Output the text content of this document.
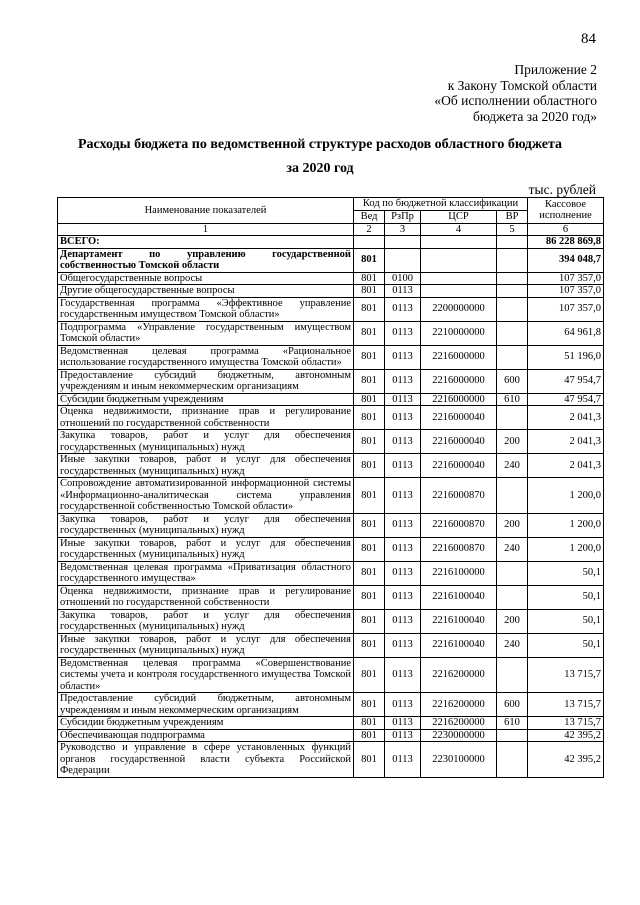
84
Приложение 2
к Закону Томской области
«Об исполнении областного
бюджета за 2020 год»
Расходы бюджета по ведомственной структуре расходов областного бюджета
за 2020 год
тыс. рублей
Наименование показателей	Код по бюджетной классификации				Кассовое исполнение
	Вед	РзПр	ЦСР	ВР	
1	2	3	4	5	6
ВСЕГО:					86 228 869,8
Департамент по управлению государственной собственностью Томской области	801				394 048,7
Общегосударственные вопросы	801	0100			107 357,0
Другие общегосударственные вопросы	801	0113			107 357,0
Государственная программа «Эффективное управление государственным имуществом Томской области»	801	0113	2200000000		107 357,0
Подпрограмма «Управление государственным имуществом Томской области»	801	0113	2210000000		64 961,8
Ведомственная целевая программа «Рациональное использование государственного имущества Томской области»	801	0113	2216000000		51 196,0
Предоставление субсидий бюджетным, автономным учреждениям и иным некоммерческим организациям	801	0113	2216000000	600	47 954,7
Субсидии бюджетным учреждениям	801	0113	2216000000	610	47 954,7
Оценка недвижимости, признание прав и регулирование отношений по государственной собственности	801	0113	2216000040		2 041,3
Закупка товаров, работ и услуг для обеспечения государственных (муниципальных) нужд	801	0113	2216000040	200	2 041,3
Иные закупки товаров, работ и услуг для обеспечения государственных (муниципальных) нужд	801	0113	2216000040	240	2 041,3
Сопровождение автоматизированной информационной системы «Информационно-аналитическая система управления государственной собственностью Томской области»	801	0113	2216000870		1 200,0
Закупка товаров, работ и услуг для обеспечения государственных (муниципальных) нужд	801	0113	2216000870	200	1 200,0
Иные закупки товаров, работ и услуг для обеспечения государственных (муниципальных) нужд	801	0113	2216000870	240	1 200,0
Ведомственная целевая программа «Приватизация областного государственного имущества»	801	0113	2216100000		50,1
Оценка недвижимости, признание прав и регулирование отношений по государственной собственности	801	0113	2216100040		50,1
Закупка товаров, работ и услуг для обеспечения государственных (муниципальных) нужд	801	0113	2216100040	200	50,1
Иные закупки товаров, работ и услуг для обеспечения государственных (муниципальных) нужд	801	0113	2216100040	240	50,1
Ведомственная целевая программа «Совершенствование системы учета и контроля государственного имущества Томской области»	801	0113	2216200000		13 715,7
Предоставление субсидий бюджетным, автономным учреждениям и иным некоммерческим организациям	801	0113	2216200000	600	13 715,7
Субсидии бюджетным учреждениям	801	0113	2216200000	610	13 715,7
Обеспечивающая подпрограмма	801	0113	2230000000		42 395,2
Руководство и управление в сфере установленных функций органов государственной власти субъекта Российской Федерации	801	0113	2230100000		42 395,2
